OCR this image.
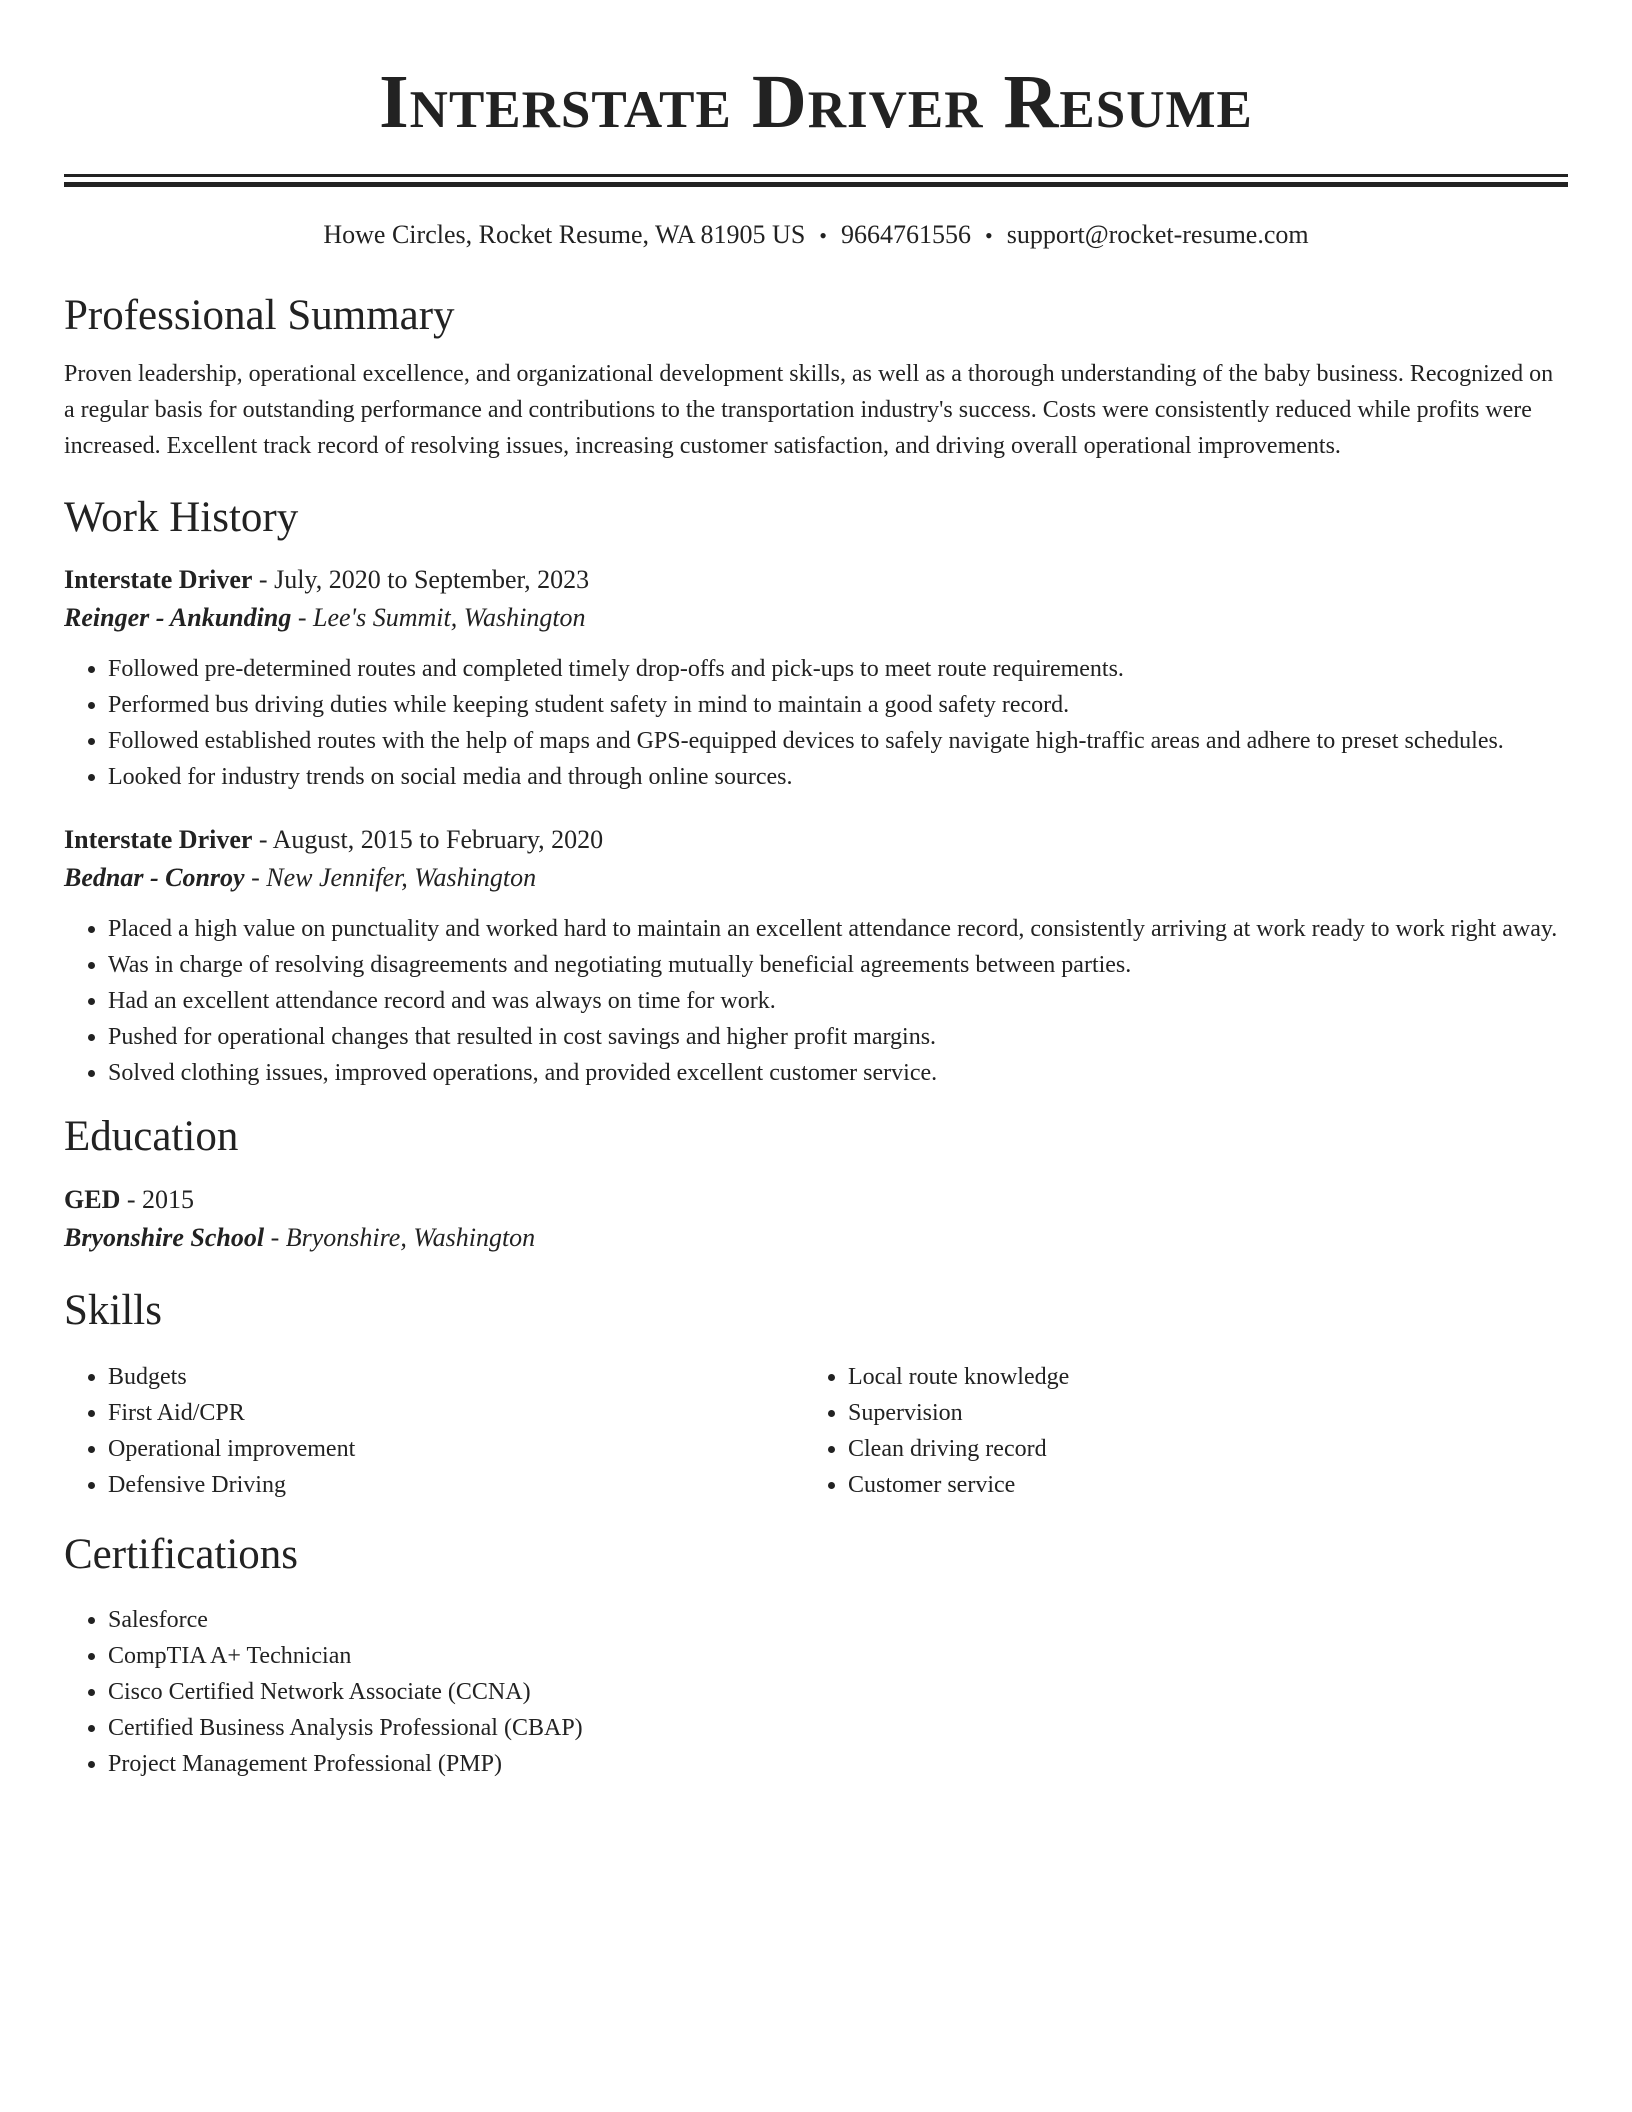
Interstate Driver Resume
Howe Circles, Rocket Resume, WA 81905 US • 9664761556 • support@rocket-resume.com
Professional Summary
Proven leadership, operational excellence, and organizational development skills, as well as a thorough understanding of the baby business. Recognized on a regular basis for outstanding performance and contributions to the transportation industry's success. Costs were consistently reduced while profits were increased. Excellent track record of resolving issues, increasing customer satisfaction, and driving overall operational improvements.
Work History
Interstate Driver - July, 2020 to September, 2023
Reinger - Ankunding - Lee's Summit, Washington
• Followed pre-determined routes and completed timely drop-offs and pick-ups to meet route requirements.
• Performed bus driving duties while keeping student safety in mind to maintain a good safety record.
• Followed established routes with the help of maps and GPS-equipped devices to safely navigate high-traffic areas and adhere to preset schedules.
• Looked for industry trends on social media and through online sources.
Interstate Driver - August, 2015 to February, 2020
Bednar - Conroy - New Jennifer, Washington
• Placed a high value on punctuality and worked hard to maintain an excellent attendance record, consistently arriving at work ready to work right away.
• Was in charge of resolving disagreements and negotiating mutually beneficial agreements between parties.
• Had an excellent attendance record and was always on time for work.
• Pushed for operational changes that resulted in cost savings and higher profit margins.
• Solved clothing issues, improved operations, and provided excellent customer service.
Education
GED - 2015
Bryonshire School - Bryonshire, Washington
Skills
• Budgets
• First Aid/CPR
• Operational improvement
• Defensive Driving
• Local route knowledge
• Supervision
• Clean driving record
• Customer service
Certifications
• Salesforce
• CompTIA A+ Technician
• Cisco Certified Network Associate (CCNA)
• Certified Business Analysis Professional (CBAP)
• Project Management Professional (PMP)
